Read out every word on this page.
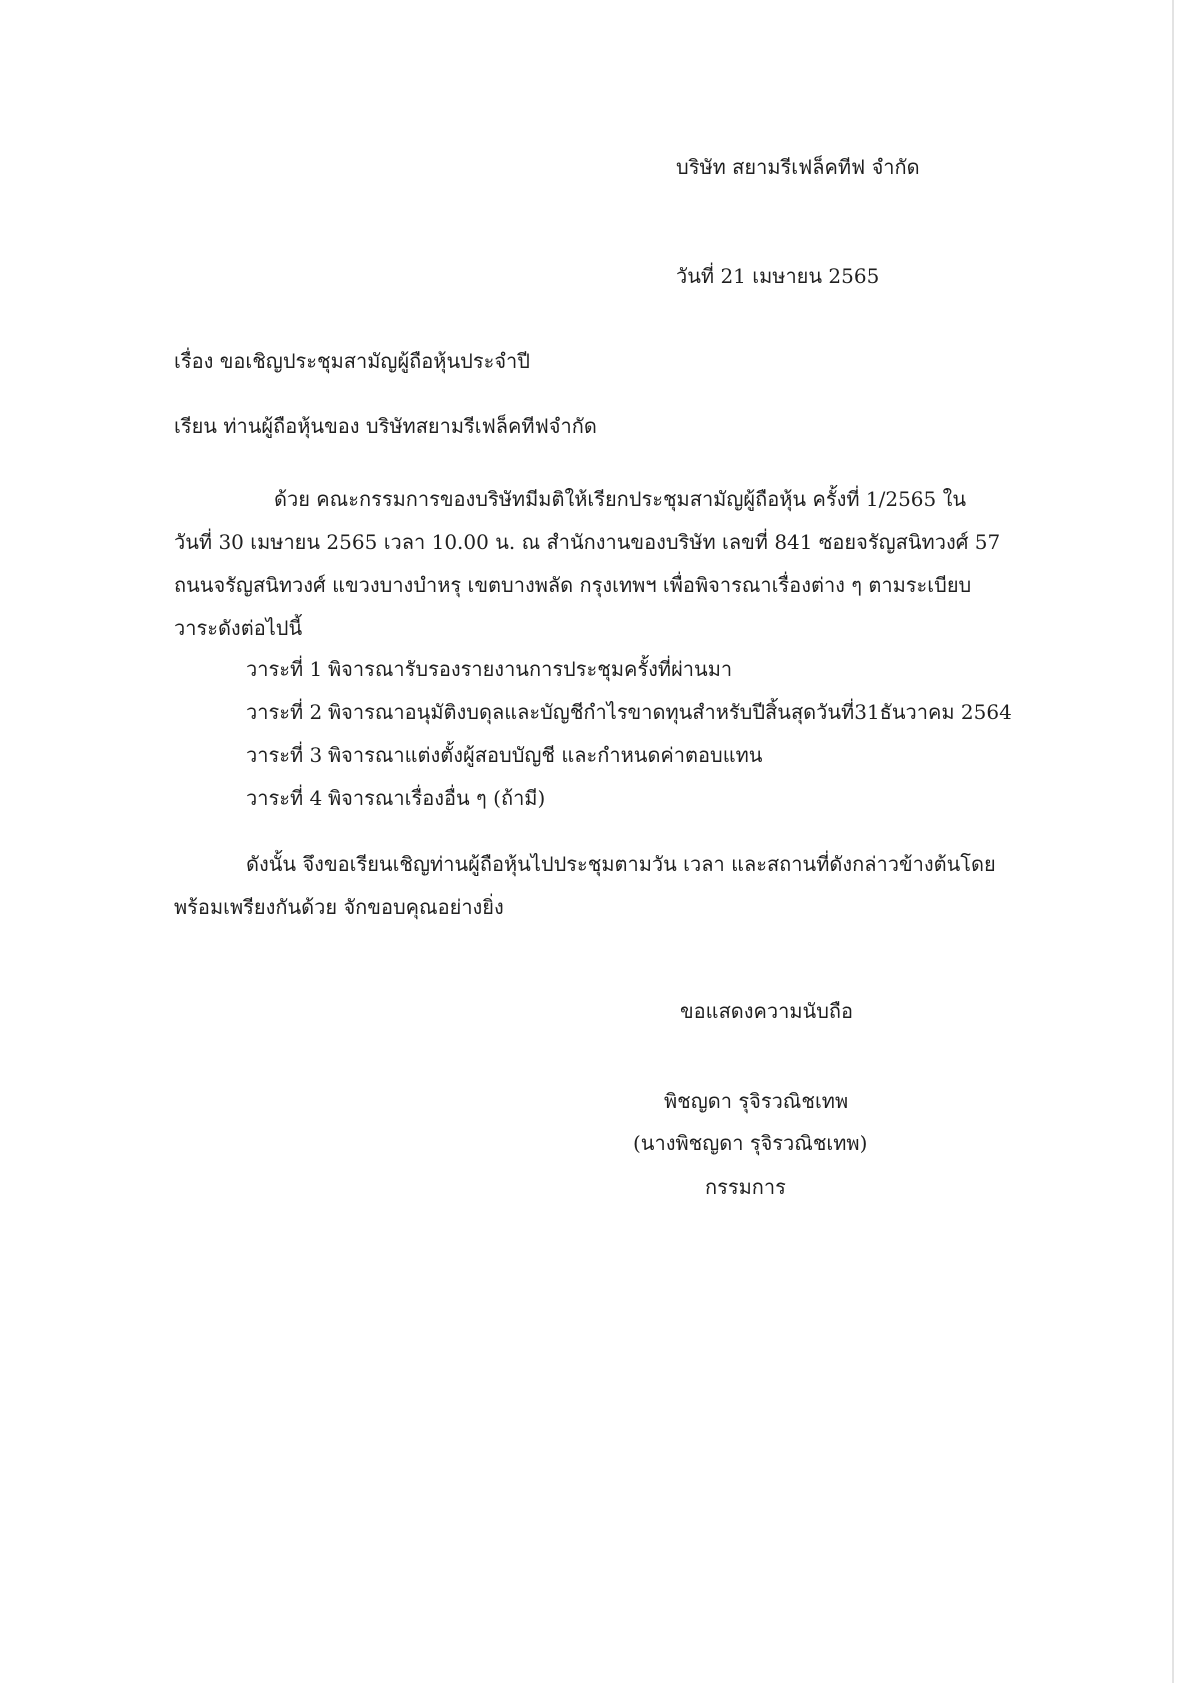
บริษัท สยามรีเฟล็คทีฟ จำกัด
วันที่ 21 เมษายน 2565
เรื่อง ขอเชิญประชุมสามัญผู้ถือหุ้นประจำปี
เรียน ท่านผู้ถือหุ้นของ บริษัทสยามรีเฟล็คทีฟจำกัด
ด้วย คณะกรรมการของบริษัทมีมติให้เรียกประชุมสามัญผู้ถือหุ้น ครั้งที่ 1/2565 ใน
วันที่ 30 เมษายน 2565 เวลา 10.00 น. ณ สำนักงานของบริษัท เลขที่ 841 ซอยจรัญสนิทวงศ์ 57
ถนนจรัญสนิทวงศ์ แขวงบางบำหรุ เขตบางพลัด กรุงเทพฯ เพื่อพิจารณาเรื่องต่าง ๆ ตามระเบียบ
วาระดังต่อไปนี้
วาระที่ 1 พิจารณารับรองรายงานการประชุมครั้งที่ผ่านมา
วาระที่ 2 พิจารณาอนุมัติงบดุลและบัญชีกำไรขาดทุนสำหรับปีสิ้นสุดวันที่31ธันวาคม 2564
วาระที่ 3 พิจารณาแต่งตั้งผู้สอบบัญชี และกำหนดค่าตอบแทน
วาระที่ 4 พิจารณาเรื่องอื่น ๆ (ถ้ามี)
ดังนั้น จึงขอเรียนเชิญท่านผู้ถือหุ้นไปประชุมตามวัน เวลา และสถานที่ดังกล่าวข้างต้นโดย
พร้อมเพรียงกันด้วย จักขอบคุณอย่างยิ่ง
ขอแสดงความนับถือ
พิชญดา รุจิรวณิชเทพ
(นางพิชญดา รุจิรวณิชเทพ)
กรรมการ
